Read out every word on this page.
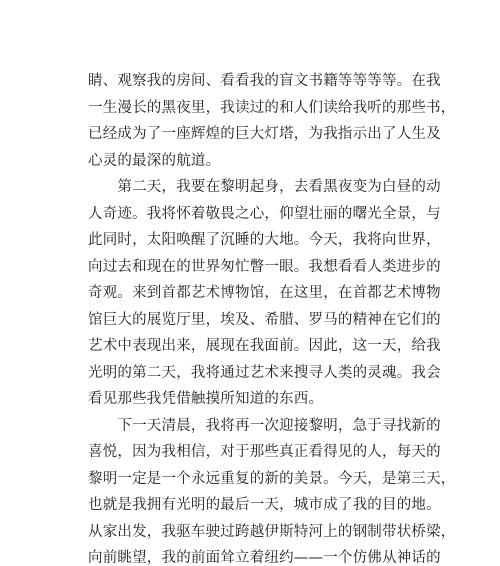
睛、观察我的房间、看看我的盲文书籍等等等等。在我
一生漫长的黑夜里，我读过的和人们读给我听的那些书，
已经成为了一座辉煌的巨大灯塔，为我指示出了人生及
心灵的最深的航道。
　　第二天，我要在黎明起身，去看黑夜变为白昼的动
人奇迹。我将怀着敬畏之心，仰望壮丽的曙光全景，与
此同时，太阳唤醒了沉睡的大地。今天，我将向世界，
向过去和现在的世界匆忙瞥一眼。我想看看人类进步的
奇观。来到首都艺术博物馆，在这里，在首都艺术博物
馆巨大的展览厅里，埃及、希腊、罗马的精神在它们的
艺术中表现出来，展现在我面前。因此，这一天，给我
光明的第二天，我将通过艺术来搜寻人类的灵魂。我会
看见那些我凭借触摸所知道的东西。
　　下一天清晨，我将再一次迎接黎明，急于寻找新的
喜悦，因为我相信，对于那些真正看得见的人，每天的
黎明一定是一个永远重复的新的美景。今天，是第三天，
也就是我拥有光明的最后一天，城市成了我的目的地。
从家出发，我驱车驶过跨越伊斯特河上的钢制带状桥梁，
向前眺望，我的前面耸立着纽约——一个仿佛从神话的
